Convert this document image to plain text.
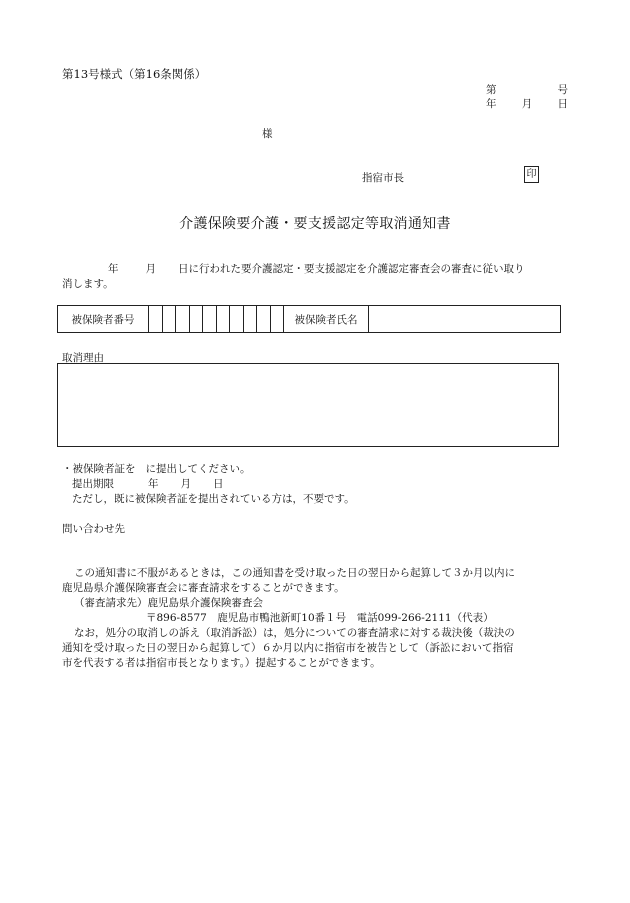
第13号様式（第16条関係）
第	号
年 月 日
様
指宿市長	印
介護保険要介護・要支援認定等取消通知書
年	月 日に行われた要介護認定・要支援認定を介護認定審査会の審査に従い取り
消します。
被保険者番号	被保険者氏名
取消理由
・被保険者証を に提出してください。
提出期限	年 月 日
ただし，既に被保険者証を提出されている方は，不要です。
問い合わせ先

この通知書に不服があるときは，この通知書を受け取った日の翌日から起算して３か月以内に

鹿児島県介護保険審査会に審査請求をすることができます。

（審査請求先）鹿児島県介護保険審査会

〒896-8577　鹿児島市鴨池新町10番１号　電話099-266-2111（代表）

なお，処分の取消しの訴え（取消訴訟）は，処分についての審査請求に対する裁決後（裁決の

通知を受け取った日の翌日から起算して）６か月以内に指宿市を被告として（訴訟において指宿

市を代表する者は指宿市長となります。）提起することができます。
